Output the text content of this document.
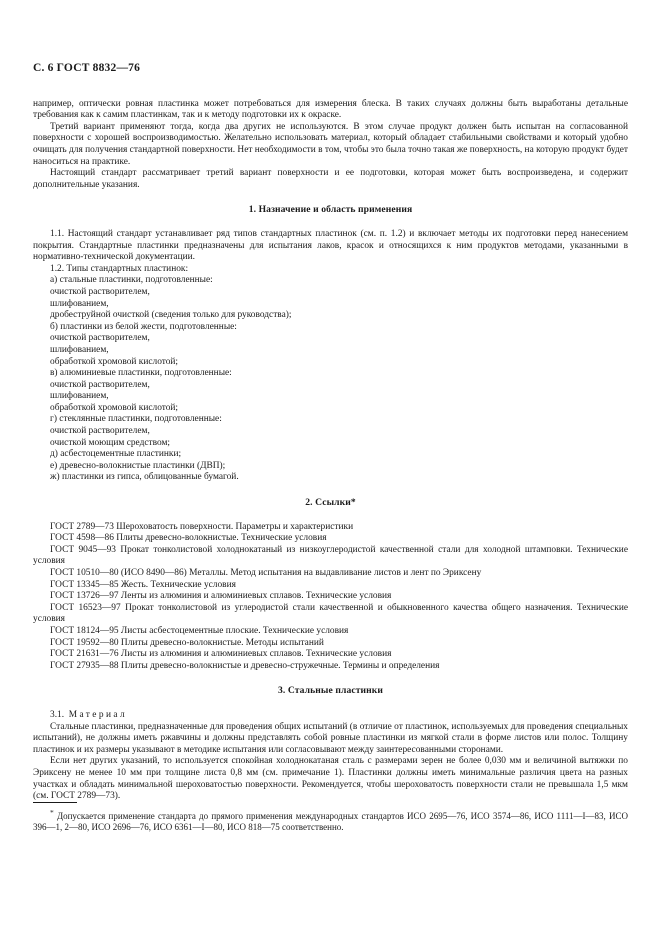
С. 6 ГОСТ 8832—76

например, оптически ровная пластинка может потребоваться для измерения блеска. В таких случаях должны быть выработаны детальные требования как к самим пластинкам, так и к методу подготовки их к окраске.

Третий вариант применяют тогда, когда два других не используются. В этом случае продукт должен быть испытан на согласованной поверхности с хорошей воспроизводимостью. Желательно использовать материал, который обладает стабильными свойствами и который удобно очищать для получения стандартной поверхности. Нет необходимости в том, чтобы это была точно такая же поверхность, на которую продукт будет наноситься на практике.

Настоящий стандарт рассматривает третий вариант поверхности и ее подготовки, которая может быть воспроизведена, и содержит дополнительные указания.

1. Назначение и область применения

1.1. Настоящий стандарт устанавливает ряд типов стандартных пластинок (см. п. 1.2) и включает методы их подготовки перед нанесением покрытия. Стандартные пластинки предназначены для испытания лаков, красок и относящихся к ним продуктов методами, указанными в нормативно-технической документации.

1.2. Типы стандартных пластинок:
а) стальные пластинки, подготовленные:
очисткой растворителем,
шлифованием,
дробеструйной очисткой (сведения только для руководства);
б) пластинки из белой жести, подготовленные:
очисткой растворителем,
шлифованием,
обработкой хромовой кислотой;
в) алюминиевые пластинки, подготовленные:
очисткой растворителем,
шлифованием,
обработкой хромовой кислотой;
г) стеклянные пластинки, подготовленные:
очисткой растворителем,
очисткой моющим средством;
д) асбестоцементные пластинки;
е) древесно-волокнистые пластинки (ДВП);
ж) пластинки из гипса, облицованные бумагой.
2. Ссылки*

ГОСТ 2789—73 Шероховатость поверхности. Параметры и характеристики

ГОСТ 4598—86 Плиты древесно-волокнистые. Технические условия

ГОСТ 9045—93 Прокат тонколистовой холоднокатаный из низкоуглеродистой качественной стали для холодной штамповки. Технические условия

ГОСТ 10510—80 (ИСО 8490—86) Металлы. Метод испытания на выдавливание листов и лент по Эриксену

ГОСТ 13345—85 Жесть. Технические условия

ГОСТ 13726—97 Ленты из алюминия и алюминиевых сплавов. Технические условия

ГОСТ 16523—97 Прокат тонколистовой из углеродистой стали качественной и обыкновенного качества общего назначения. Технические условия

ГОСТ 18124—95 Листы асбестоцементные плоские. Технические условия

ГОСТ 19592—80 Плиты древесно-волокнистые. Методы испытаний

ГОСТ 21631—76 Листы из алюминия и алюминиевых сплавов. Технические условия

ГОСТ 27935—88 Плиты древесно-волокнистые и древесно-стружечные. Термины и определения

3. Стальные пластинки
3.1. Материал

Стальные пластинки, предназначенные для проведения общих испытаний (в отличие от пластинок, используемых для проведения специальных испытаний), не должны иметь ржавчины и должны представлять собой ровные пластинки из мягкой стали в форме листов или полос. Толщину пластинок и их размеры указывают в методике испытания или согласовывают между заинтересованными сторонами.

Если нет других указаний, то используется спокойная холоднокатаная сталь с размерами зерен не более 0,030 мм и величиной вытяжки по Эриксену не менее 10 мм при толщине листа 0,8 мм (см. примечание 1). Пластинки должны иметь минимальные различия цвета на разных участках и обладать минимальной шероховатостью поверхности. Рекомендуется, чтобы шероховатость поверхности стали не превышала 1,5 мкм (см. ГОСТ 2789—73).

* Допускается применение стандарта до прямого применения международных стандартов ИСО 2695—76, ИСО 3574—86, ИСО 1111—I—83, ИСО 396—1, 2—80, ИСО 2696—76, ИСО 6361—I—80, ИСО 818—75 соответственно.
